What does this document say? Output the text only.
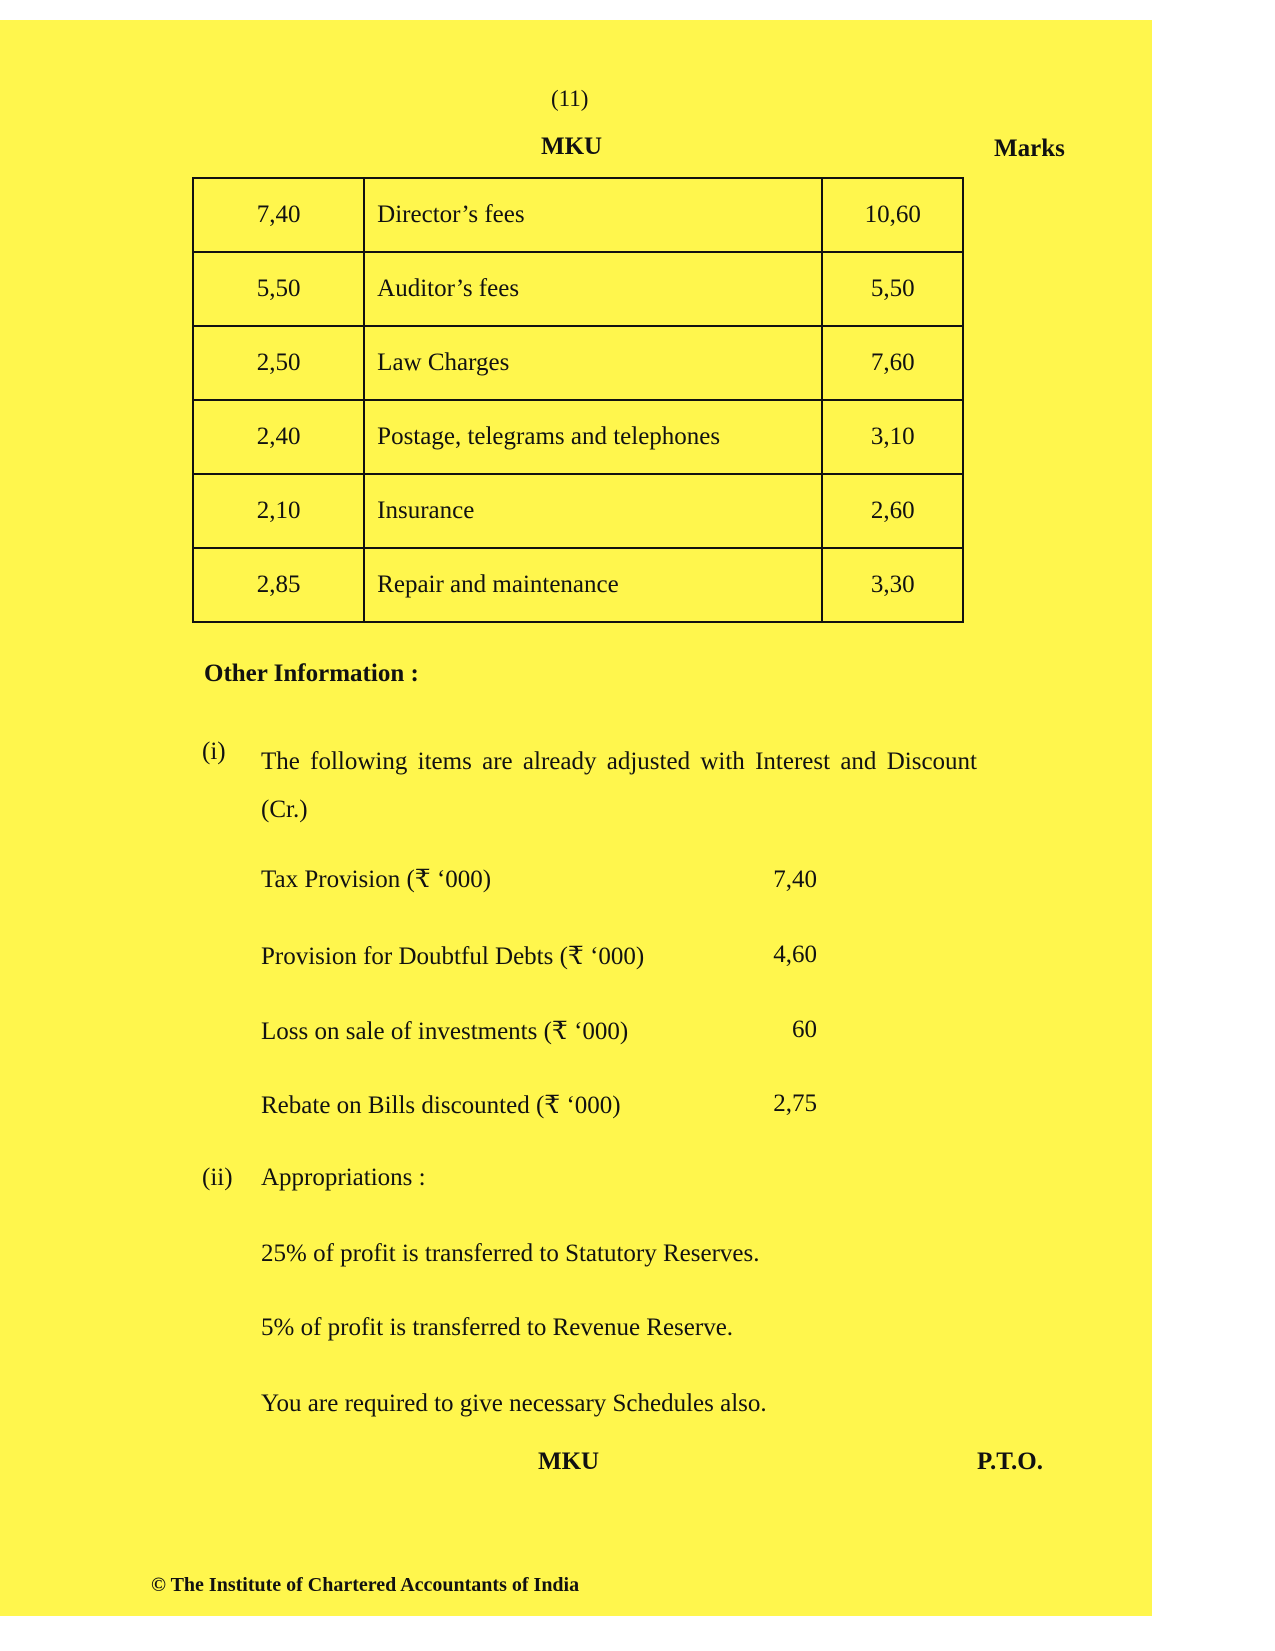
(11)
MKU	Marks
7,40	Director’s fees	10,60
5,50	Auditor’s fees	5,50
2,50	Law Charges	7,60
2,40	Postage, telegrams and telephones	3,10
2,10	Insurance	2,60
2,85	Repair and maintenance	3,30
Other Information :
(i) The following items are already adjusted with Interest and Discount (Cr.)
Tax Provision (₹ ‘000)	7,40
Provision for Doubtful Debts (₹ ‘000)	4,60
Loss on sale of investments (₹ ‘000)	60
Rebate on Bills discounted (₹ ‘000)	2,75
(ii) Appropriations :
25% of profit is transferred to Statutory Reserves.
5% of profit is transferred to Revenue Reserve.
You are required to give necessary Schedules also.
MKU	P.T.O.
© The Institute of Chartered Accountants of India
